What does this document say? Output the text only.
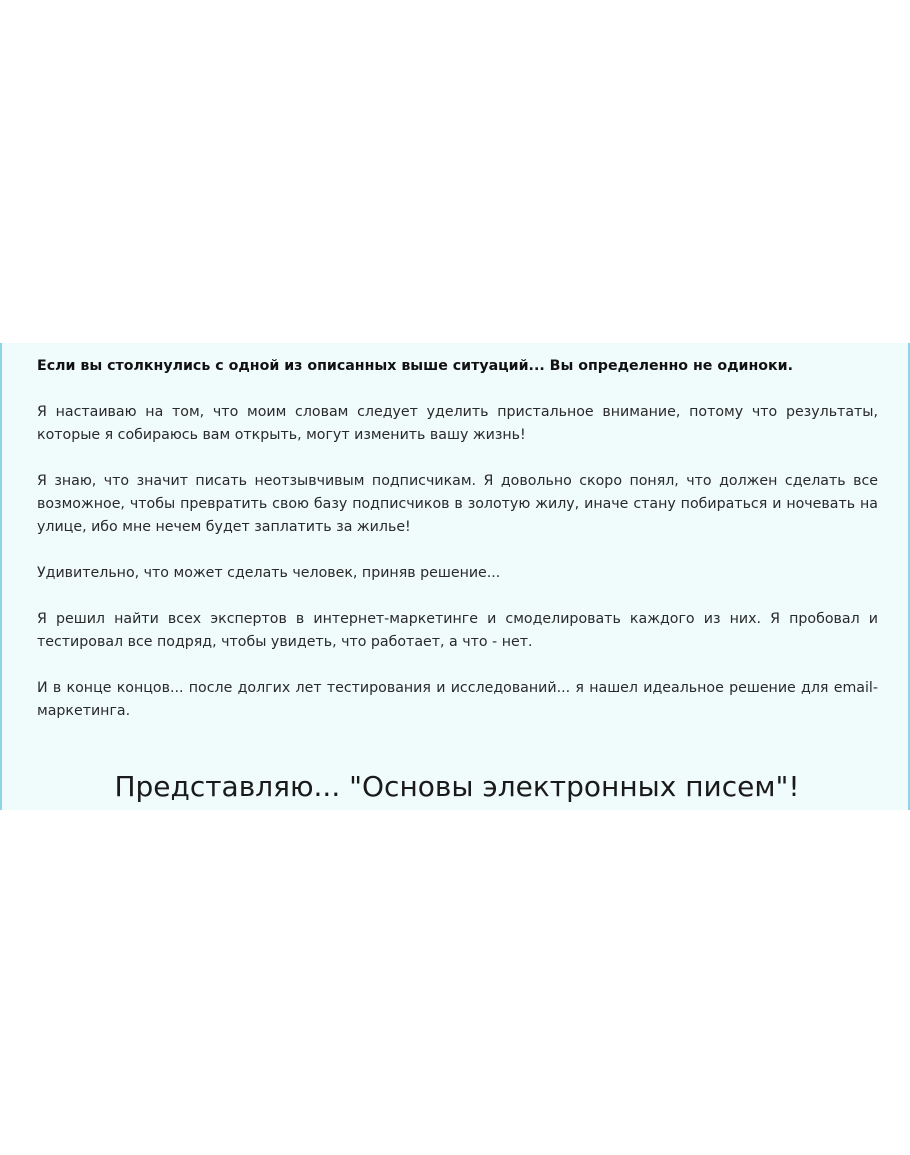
Если вы столкнулись с одной из описанных выше ситуаций... Вы определенно не одиноки.

Я настаиваю на том, что моим словам следует уделить пристальное внимание, потому что результаты, которые я собираюсь вам открыть, могут изменить вашу жизнь!

Я знаю, что значит писать неотзывчивым подписчикам. Я довольно скоро понял, что должен сделать все возможное, чтобы превратить свою базу подписчиков в золотую жилу, иначе стану побираться и ночевать на улице, ибо мне нечем будет заплатить за жилье!

Удивительно, что может сделать человек, приняв решение...

Я решил найти всех экспертов в интернет-маркетинге и смоделировать каждого из них. Я пробовал и тестировал все подряд, чтобы увидеть, что работает, а что - нет.

И в конце концов... после долгих лет тестирования и исследований... я нашел идеальное решение для email-маркетинга.

Представляю... "Основы электронных писем"!
